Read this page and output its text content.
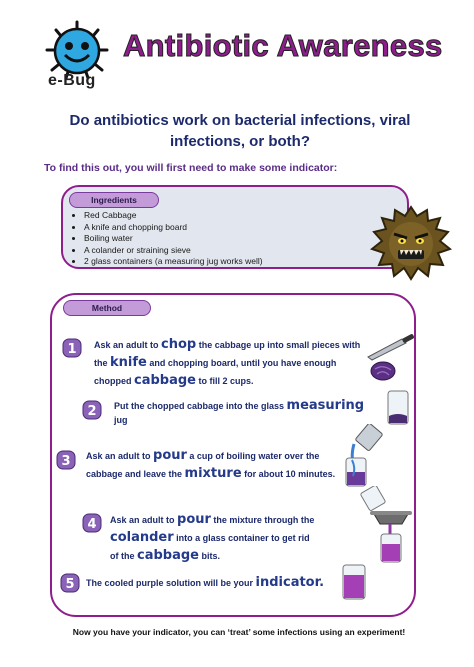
e-Bug
Antibiotic Awareness
Do antibiotics work on bacterial infections, viral infections, or both?
To find this out, you will first need to make some indicator:
Ingredients
• Red Cabbage
• A knife and chopping board
• Boiling water
• A colander or straining sieve
• 2 glass containers (a measuring jug works well)
Method
1
2
3
4
5
Ask an adult to chop the cabbage up into small pieces with
the knife and chopping board, until you have enough
chopped cabbage to fill 2 cups.
Put the chopped cabbage into the glass measuring
jug
Ask an adult to pour a cup of boiling water over the
cabbage and leave the mixture for about 10 minutes.
Ask an adult to pour the mixture through the
colander into a glass container to get rid
of the cabbage bits.
The cooled purple solution will be your indicator.
Now you have your indicator, you can ‘treat’ some infections using an experiment!
